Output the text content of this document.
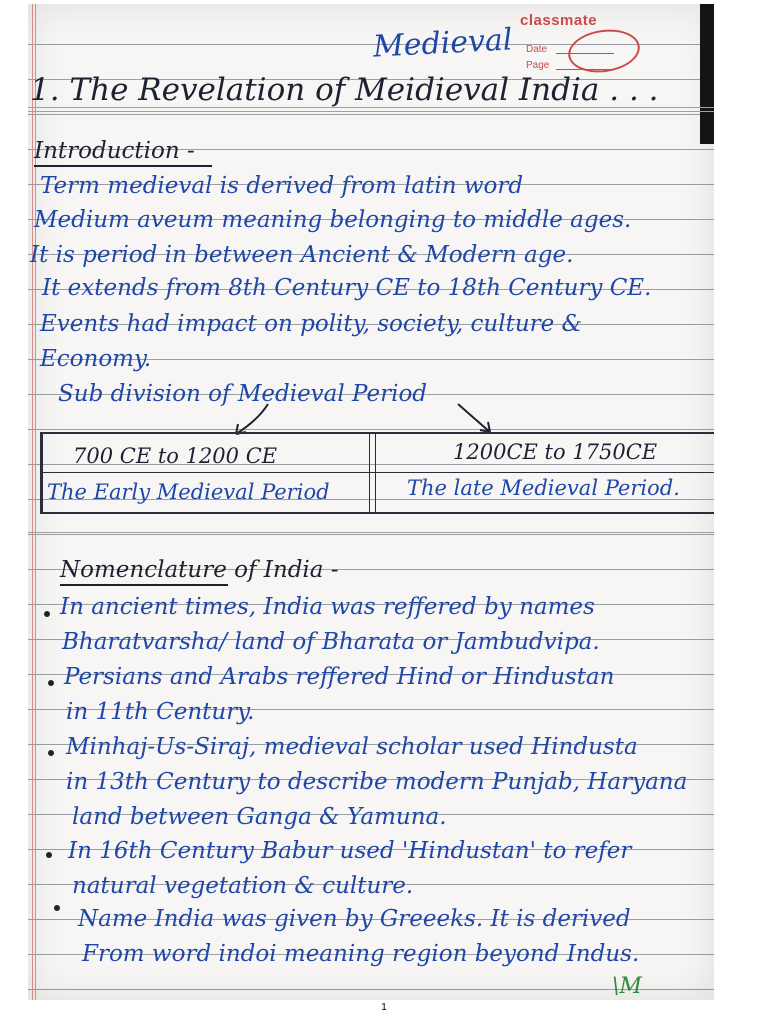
classmate
Date
Page
Medieval
1. The Revelation of Meidieval India . . .
Introduction -
Term medieval is derived from latin word
Medium aveum meaning belonging to middle ages.
It is period in between Ancient & Modern age.
It extends from 8th Century CE to 18th Century CE.
Events had impact on polity, society, culture &
Economy.
Sub division of Medieval Period
700 CE to 1200 CE	1200CE to 1750CE
The Early Medieval Period	The late Medieval Period.
Nomenclature of India -
In ancient times, India was reffered by names
Bharatvarsha/ land of Bharata or Jambudvipa.
Persians and Arabs reffered Hind or Hindustan
in 11th Century.
Minhaj-Us-Siraj, medieval scholar used Hindusta
in 13th Century to describe modern Punjab, Haryana
land between Ganga & Yamuna.
In 16th Century Babur used 'Hindustan' to refer
natural vegetation & culture.
Name India was given by Greeeks. It is derived
From word indoi meaning region beyond Indus.
\M
1
